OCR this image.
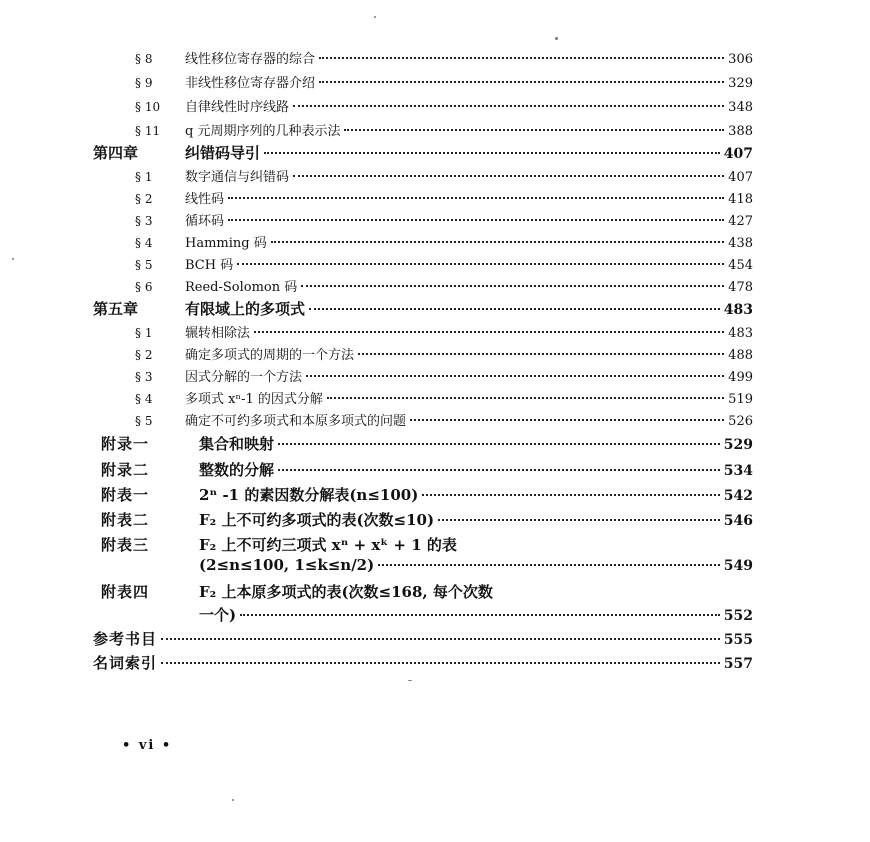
§ 8	线性移位寄存器的综合	306
§ 9	非线性移位寄存器介绍	329
§ 10	自律线性时序线路	348
§ 11	q 元周期序列的几种表示法	388
第四章	纠错码导引	407
§ 1	数字通信与纠错码	407
§ 2	线性码	418
§ 3	循环码	427
§ 4	Hamming 码	438
§ 5	BCH 码	454
§ 6	Reed-Solomon 码	478
第五章	有限域上的多项式	483
§ 1	辗转相除法	483
§ 2	确定多项式的周期的一个方法	488
§ 3	因式分解的一个方法	499
§ 4	多项式 xⁿ-1 的因式分解	519
§ 5	确定不可约多项式和本原多项式的问题	526
附录一	集合和映射	529
附录二	整数的分解	534
附表一	2ⁿ -1 的素因数分解表(n≤100)	542
附表二	F₂ 上不可约多项式的表(次数≤10)	546
附表三	F₂ 上不可约三项式 xⁿ + xᵏ + 1 的表
(2≤n≤100, 1≤k≤n/2)	549
附表四	F₂ 上本原多项式的表(次数≤168, 每个次数
一个)	552
参考书目	555
名词索引	557
• vi •
